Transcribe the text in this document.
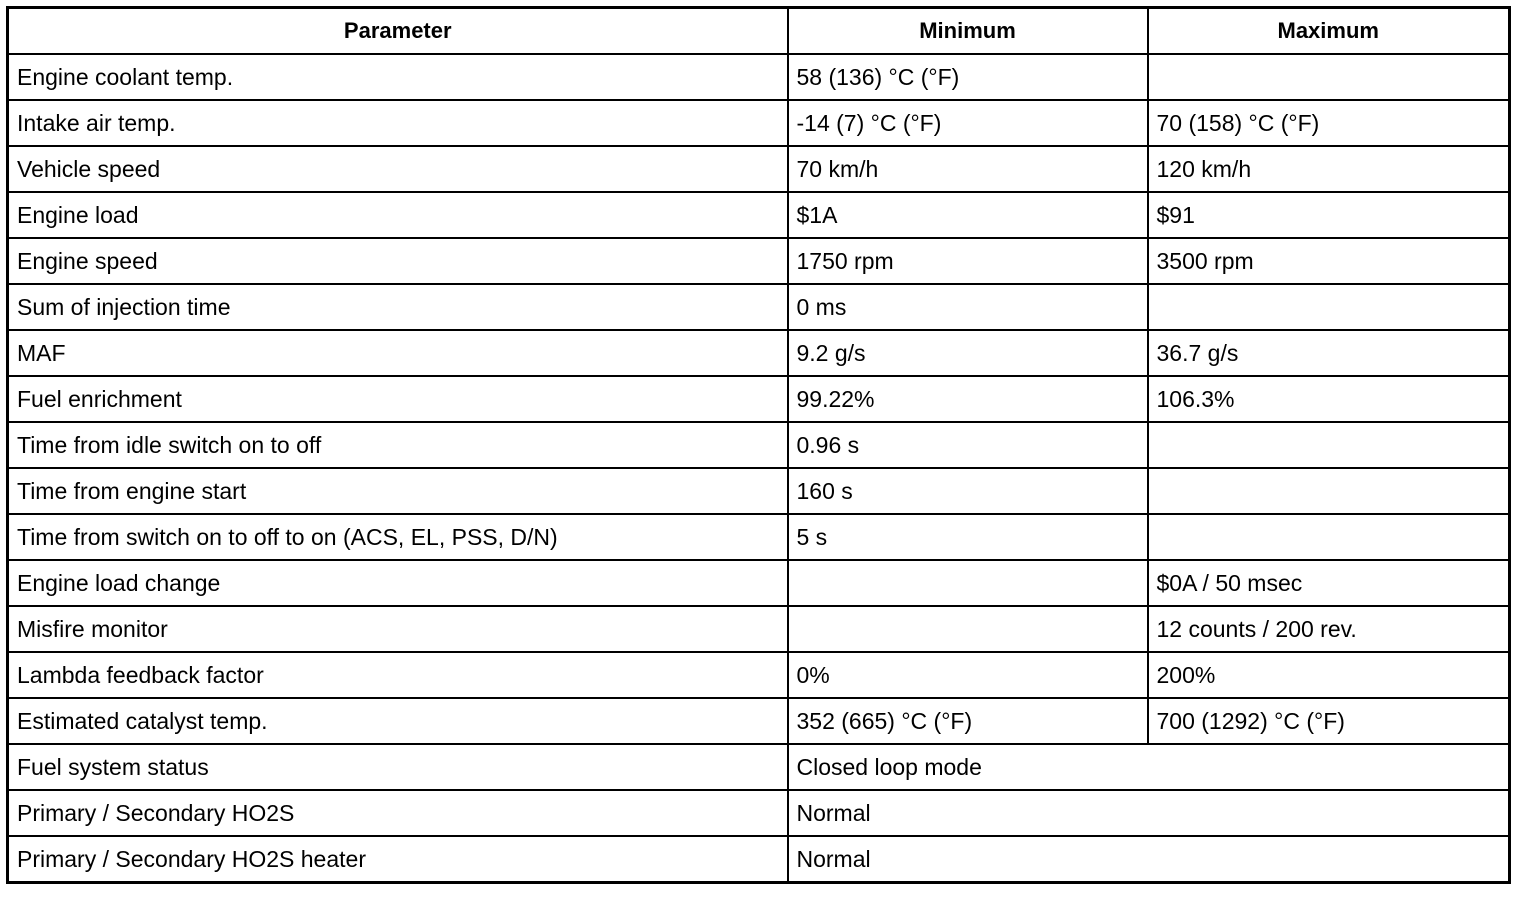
Parameter	Minimum	Maximum
Engine coolant temp.	58 (136) °C (°F)	
Intake air temp.	-14 (7) °C (°F)	70 (158) °C (°F)
Vehicle speed	70 km/h	120 km/h
Engine load	$1A	$91
Engine speed	1750 rpm	3500 rpm
Sum of injection time	0 ms	
MAF	9.2 g/s	36.7 g/s
Fuel enrichment	99.22%	106.3%
Time from idle switch on to off	0.96 s	
Time from engine start	160 s	
Time from switch on to off to on (ACS, EL, PSS, D/N)	5 s	
Engine load change		$0A / 50 msec
Misfire monitor		12 counts / 200 rev.
Lambda feedback factor	0%	200%
Estimated catalyst temp.	352 (665) °C (°F)	700 (1292) °C (°F)
Fuel system status	Closed loop mode	
Primary / Secondary HO2S	Normal	
Primary / Secondary HO2S heater	Normal	
